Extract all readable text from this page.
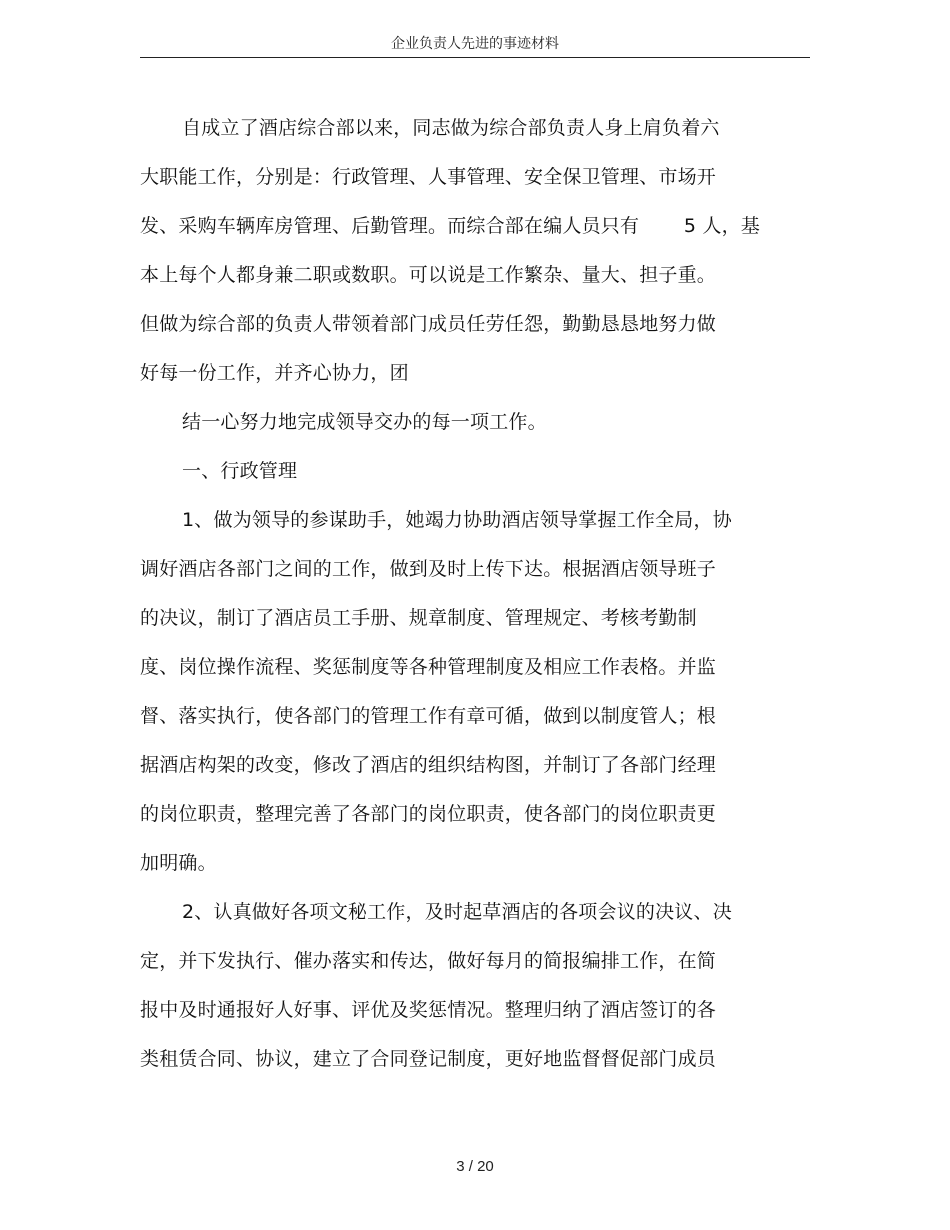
企业负责人先进的事迹材料
自成立了酒店综合部以来，同志做为综合部负责人身上肩负着六
大职能工作，分别是：行政管理、人事管理、安全保卫管理、市场开
发、采购车辆库房管理、后勤管理。而综合部在编人员只有　　 5 人，基
本上每个人都身兼二职或数职。可以说是工作繁杂、量大、担子重。
但做为综合部的负责人带领着部门成员任劳任怨，勤勤恳恳地努力做
好每一份工作，并齐心协力，团
结一心努力地完成领导交办的每一项工作。
一、行政管理
1、做为领导的参谋助手，她竭力协助酒店领导掌握工作全局，协
调好酒店各部门之间的工作，做到及时上传下达。根据酒店领导班子
的决议，制订了酒店员工手册、规章制度、管理规定、考核考勤制
度、岗位操作流程、奖惩制度等各种管理制度及相应工作表格。并监
督、落实执行，使各部门的管理工作有章可循，做到以制度管人；根
据酒店构架的改变，修改了酒店的组织结构图，并制订了各部门经理
的岗位职责，整理完善了各部门的岗位职责，使各部门的岗位职责更
加明确。
2、认真做好各项文秘工作，及时起草酒店的各项会议的决议、决
定，并下发执行、催办落实和传达，做好每月的简报编排工作，在简
报中及时通报好人好事、评优及奖惩情况。整理归纳了酒店签订的各
类租赁合同、协议，建立了合同登记制度，更好地监督督促部门成员
3 / 20
